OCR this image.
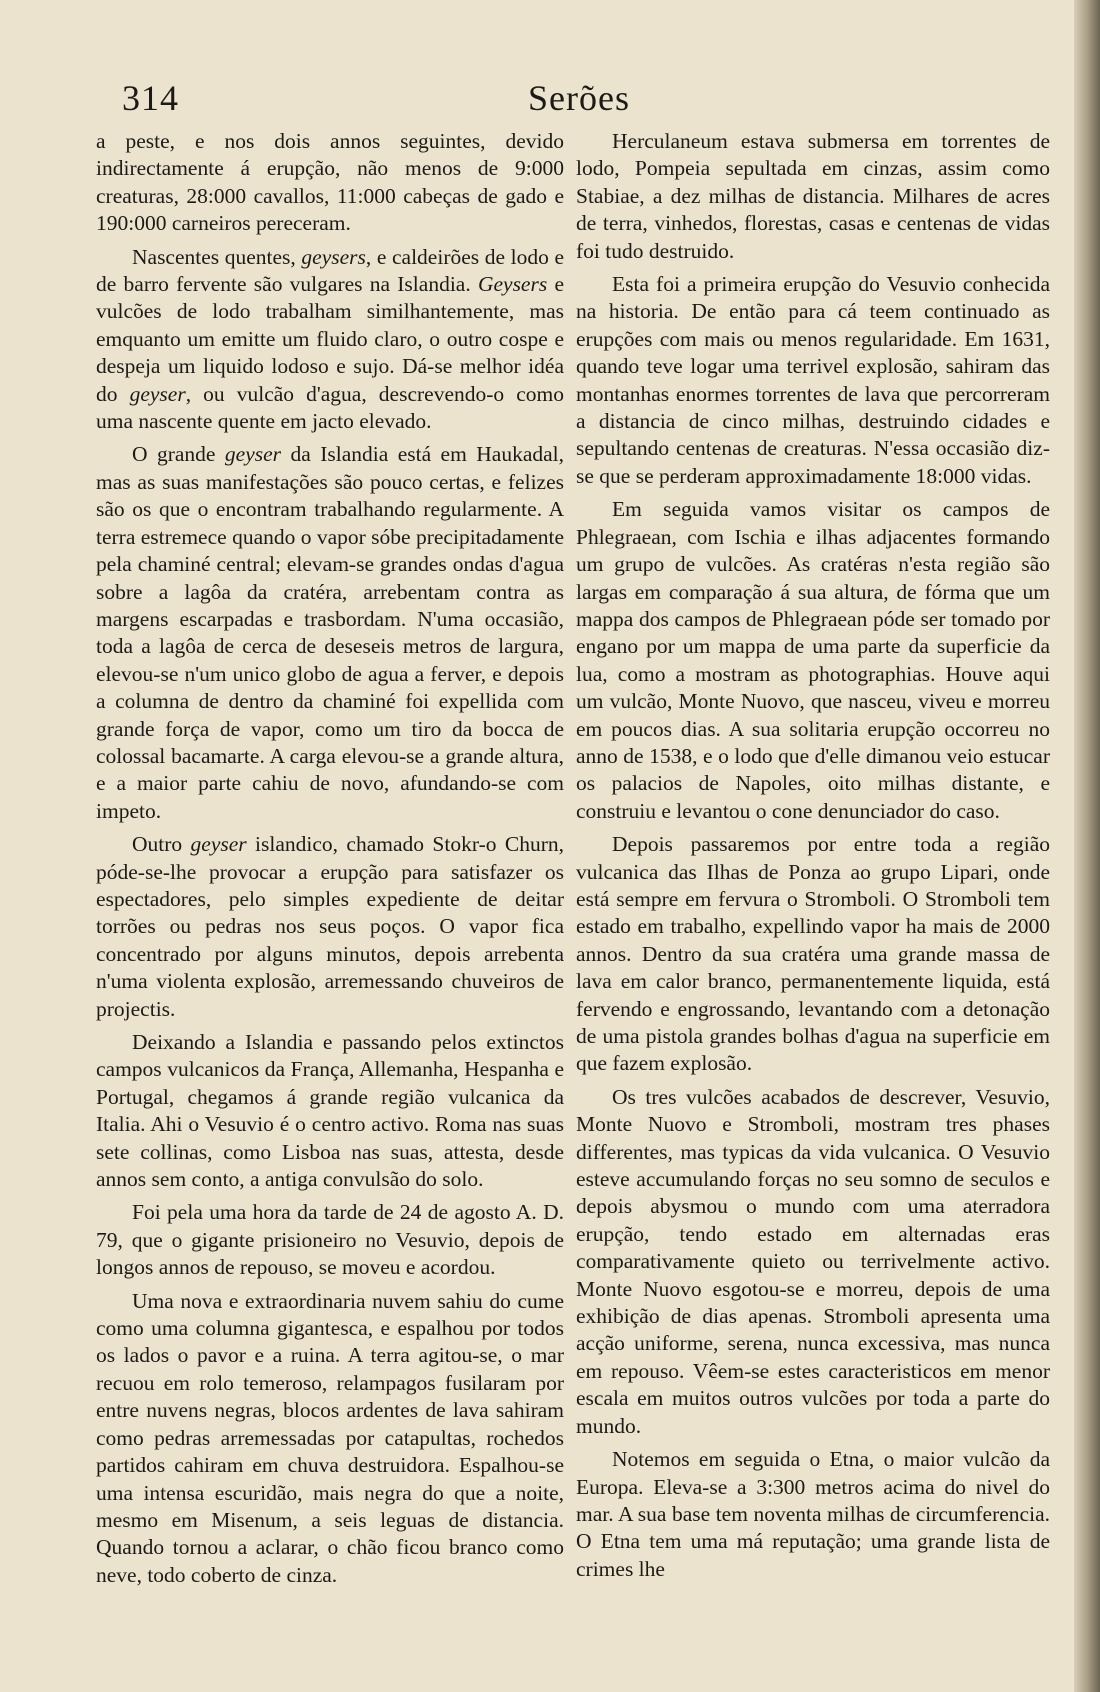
314	Serões

a peste, e nos dois annos seguintes, devido indirectamente á erupção, não menos de 9:000 creaturas, 28:000 cavallos, 11:000 cabeças de gado e 190:000 carneiros pereceram.

Nascentes quentes, geysers, e caldeirões de lodo e de barro fervente são vulgares na Islandia. Geysers e vulcões de lodo trabalham similhantemente, mas emquanto um emitte um fluido claro, o outro cospe e despeja um liquido lodoso e sujo. Dá-se melhor idéa do geyser, ou vulcão d'agua, descrevendo-o como uma nascente quente em jacto elevado.

O grande geyser da Islandia está em Haukadal, mas as suas manifestações são pouco certas, e felizes são os que o encontram trabalhando regularmente. A terra estremece quando o vapor sóbe precipitadamente pela chaminé central; elevam-se grandes ondas d'agua sobre a lagôa da cratéra, arrebentam contra as margens escarpadas e trasbordam. N'uma occasião, toda a lagôa de cerca de deseseis metros de largura, elevou-se n'um unico globo de agua a ferver, e depois a columna de dentro da chaminé foi expellida com grande força de vapor, como um tiro da bocca de colossal bacamarte. A carga elevou-se a grande altura, e a maior parte cahiu de novo, afundando-se com impeto.

Outro geyser islandico, chamado Stokr-o Churn, póde-se-lhe provocar a erupção para satisfazer os espectadores, pelo simples expediente de deitar torrões ou pedras nos seus poços. O vapor fica concentrado por alguns minutos, depois arrebenta n'uma violenta explosão, arremessando chuveiros de projectis.

Deixando a Islandia e passando pelos extinctos campos vulcanicos da França, Allemanha, Hespanha e Portugal, chegamos á grande região vulcanica da Italia. Ahi o Vesuvio é o centro activo. Roma nas suas sete collinas, como Lisboa nas suas, attesta, desde annos sem conto, a antiga convulsão do solo.

Foi pela uma hora da tarde de 24 de agosto A. D. 79, que o gigante prisioneiro no Vesuvio, depois de longos annos de repouso, se moveu e acordou.

Uma nova e extraordinaria nuvem sahiu do cume como uma columna gigantesca, e espalhou por todos os lados o pavor e a ruina. A terra agitou-se, o mar recuou em rolo temeroso, relampagos fusilaram por entre nuvens negras, blocos ardentes de lava sahiram como pedras arremessadas por catapultas, rochedos partidos cahiram em chuva destruidora. Espalhou-se uma intensa escuridão, mais negra do que a noite, mesmo em Misenum, a seis leguas de distancia. Quando tornou a aclarar, o chão ficou branco como neve, todo coberto de cinza.

Herculaneum estava submersa em torrentes de lodo, Pompeia sepultada em cinzas, assim como Stabiae, a dez milhas de distancia. Milhares de acres de terra, vinhedos, florestas, casas e centenas de vidas foi tudo destruido.

Esta foi a primeira erupção do Vesuvio conhecida na historia. De então para cá teem continuado as erupções com mais ou menos regularidade. Em 1631, quando teve logar uma terrivel explosão, sahiram das montanhas enormes torrentes de lava que percorreram a distancia de cinco milhas, destruindo cidades e sepultando centenas de creaturas. N'essa occasião diz-se que se perderam approximadamente 18:000 vidas.

Em seguida vamos visitar os campos de Phlegraean, com Ischia e ilhas adjacentes formando um grupo de vulcões. As cratéras n'esta região são largas em comparação á sua altura, de fórma que um mappa dos campos de Phlegraean póde ser tomado por engano por um mappa de uma parte da superficie da lua, como a mostram as photographias. Houve aqui um vulcão, Monte Nuovo, que nasceu, viveu e morreu em poucos dias. A sua solitaria erupção occorreu no anno de 1538, e o lodo que d'elle dimanou veio estucar os palacios de Napoles, oito milhas distante, e construiu e levantou o cone denunciador do caso.

Depois passaremos por entre toda a região vulcanica das Ilhas de Ponza ao grupo Lipari, onde está sempre em fervura o Stromboli. O Stromboli tem estado em trabalho, expellindo vapor ha mais de 2000 annos. Dentro da sua cratéra uma grande massa de lava em calor branco, permanentemente liquida, está fervendo e engrossando, levantando com a detonação de uma pistola grandes bolhas d'agua na superficie em que fazem explosão.

Os tres vulcões acabados de descrever, Vesuvio, Monte Nuovo e Stromboli, mostram tres phases differentes, mas typicas da vida vulcanica. O Vesuvio esteve accumulando forças no seu somno de seculos e depois abysmou o mundo com uma aterradora erupção, tendo estado em alternadas eras comparativamente quieto ou terrivelmente activo. Monte Nuovo esgotou-se e morreu, depois de uma exhibição de dias apenas. Stromboli apresenta uma acção uniforme, serena, nunca excessiva, mas nunca em repouso. Vêem-se estes caracteristicos em menor escala em muitos outros vulcões por toda a parte do mundo.

Notemos em seguida o Etna, o maior vulcão da Europa. Eleva-se a 3:300 metros acima do nivel do mar. A sua base tem noventa milhas de circumferencia. O Etna tem uma má reputação; uma grande lista de crimes lhe
